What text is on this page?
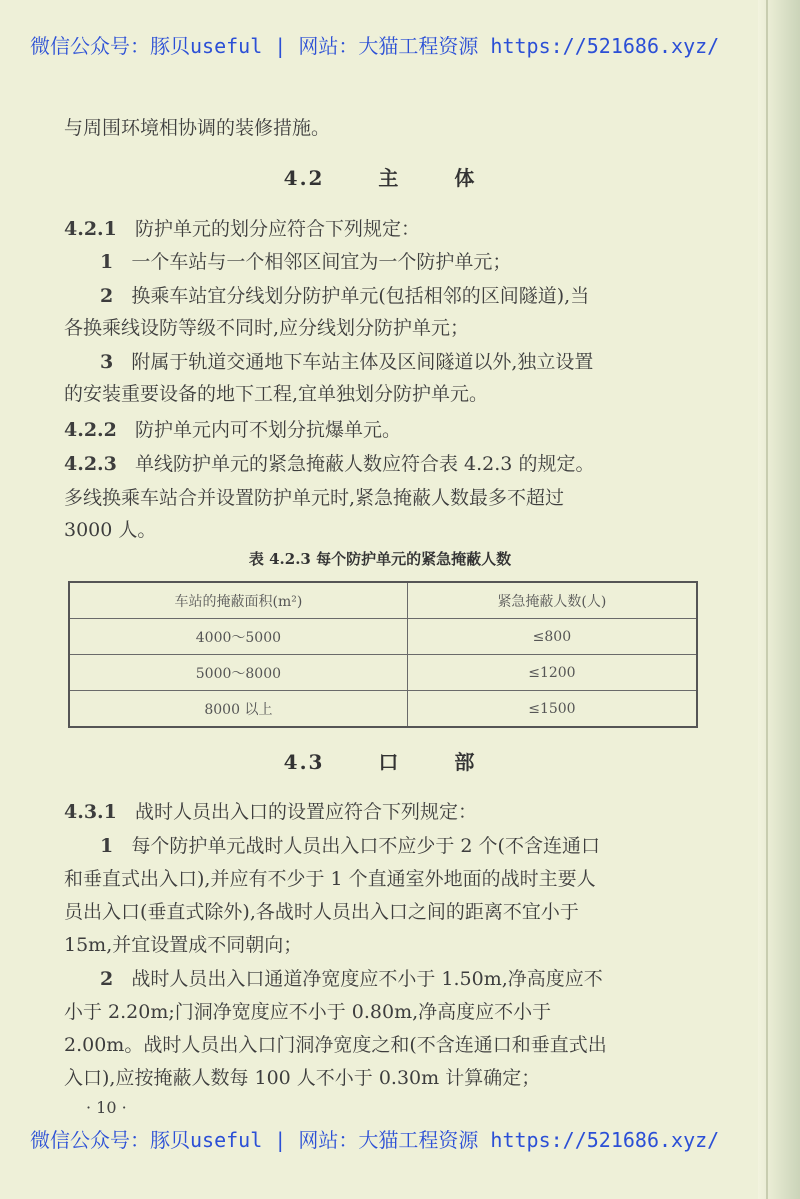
微信公众号：豚贝useful | 网站：大猫工程资源 https://521686.xyz/
与周围环境相协调的装修措施。
4.2	主	体
4.2.1 防护单元的划分应符合下列规定：
1 一个车站与一个相邻区间宜为一个防护单元；
2 换乘车站宜分线划分防护单元(包括相邻的区间隧道),当
各换乘线设防等级不同时,应分线划分防护单元；
3 附属于轨道交通地下车站主体及区间隧道以外,独立设置
的安装重要设备的地下工程,宜单独划分防护单元。
4.2.2 防护单元内可不划分抗爆单元。
4.2.3 单线防护单元的紧急掩蔽人数应符合表 4.2.3 的规定。
多线换乘车站合并设置防护单元时,紧急掩蔽人数最多不超过
3000 人。
表 4.2.3 每个防护单元的紧急掩蔽人数
车站的掩蔽面积(m²)	紧急掩蔽人数(人)
4000～5000	≤800
5000～8000	≤1200
8000 以上	≤1500
4.3	口	部
4.3.1 战时人员出入口的设置应符合下列规定：
1 每个防护单元战时人员出入口不应少于 2 个(不含连通口
和垂直式出入口),并应有不少于 1 个直通室外地面的战时主要人
员出入口(垂直式除外),各战时人员出入口之间的距离不宜小于
15m,并宜设置成不同朝向；
2 战时人员出入口通道净宽度应不小于 1.50m,净高度应不
小于 2.20m;门洞净宽度应不小于 0.80m,净高度应不小于
2.00m。战时人员出入口门洞净宽度之和(不含连通口和垂直式出
入口),应按掩蔽人数每 100 人不小于 0.30m 计算确定；
· 10 ·
微信公众号：豚贝useful | 网站：大猫工程资源 https://521686.xyz/
